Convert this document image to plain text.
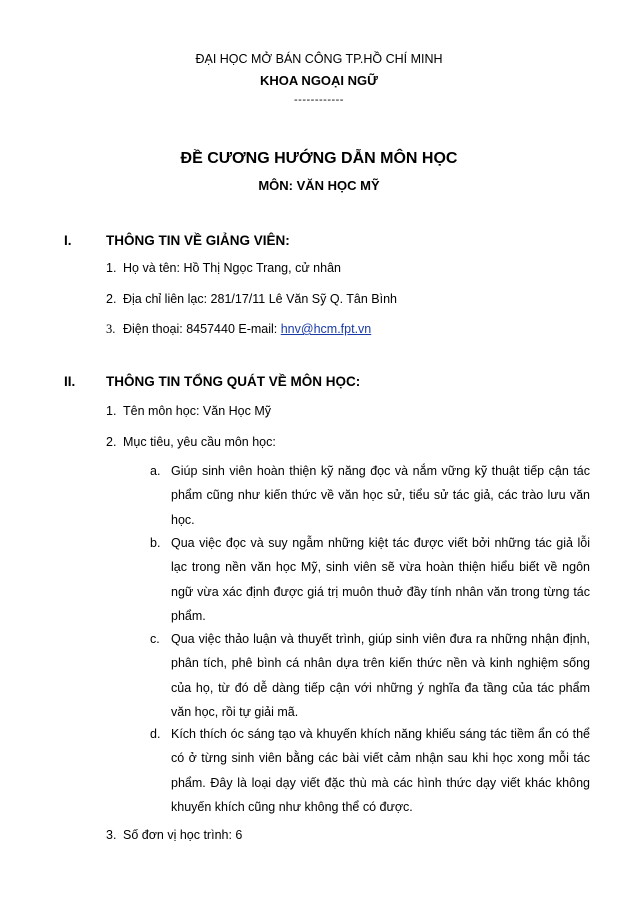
ĐẠI HỌC MỞ BÁN CÔNG TP.HỒ CHÍ MINH
KHOA NGOẠI NGỮ
------------
ĐỀ CƯƠNG HƯỚNG DẪN MÔN HỌC
MÔN: VĂN HỌC MỸ
I.	THÔNG TIN VỀ GIẢNG VIÊN:
1. Họ và tên: Hồ Thị Ngọc Trang, cử nhân
2. Địa chỉ liên lạc: 281/17/11 Lê Văn Sỹ Q. Tân Bình
3. Điện thoại: 8457440 E-mail: hnv@hcm.fpt.vn
II. THÔNG TIN TỔNG QUÁT VỀ MÔN HỌC:
1. Tên môn học: Văn Học Mỹ
2. Mục tiêu, yêu cầu môn học:
a. Giúp sinh viên hoàn thiện kỹ năng đọc và nắm vững kỹ thuật tiếp cận tác phẩm cũng như kiến thức về văn học sử, tiểu sử tác giả, các trào lưu văn học.
b. Qua việc đọc và suy ngẫm những kiệt tác được viết bởi những tác giả lỗi lạc trong nền văn học Mỹ, sinh viên sẽ vừa hoàn thiện hiểu biết về ngôn ngữ vừa xác định được giá trị muôn thuở đầy tính nhân văn trong từng tác phẩm.
c. Qua việc thảo luận và thuyết trình, giúp sinh viên đưa ra những nhận định, phân tích, phê bình cá nhân dựa trên kiến thức nền và kinh nghiệm sống của họ, từ đó dễ dàng tiếp cận với những ý nghĩa đa tầng của tác phẩm văn học, rồi tự giải mã.
d. Kích thích óc sáng tạo và khuyến khích năng khiếu sáng tác tiềm ẩn có thể có ở từng sinh viên bằng các bài viết cảm nhận sau khi học xong mỗi tác phẩm. Đây là loại dạy viết đặc thù mà các hình thức dạy viết khác không khuyến khích cũng như không thể có được.
3. Số đơn vị học trình: 6
